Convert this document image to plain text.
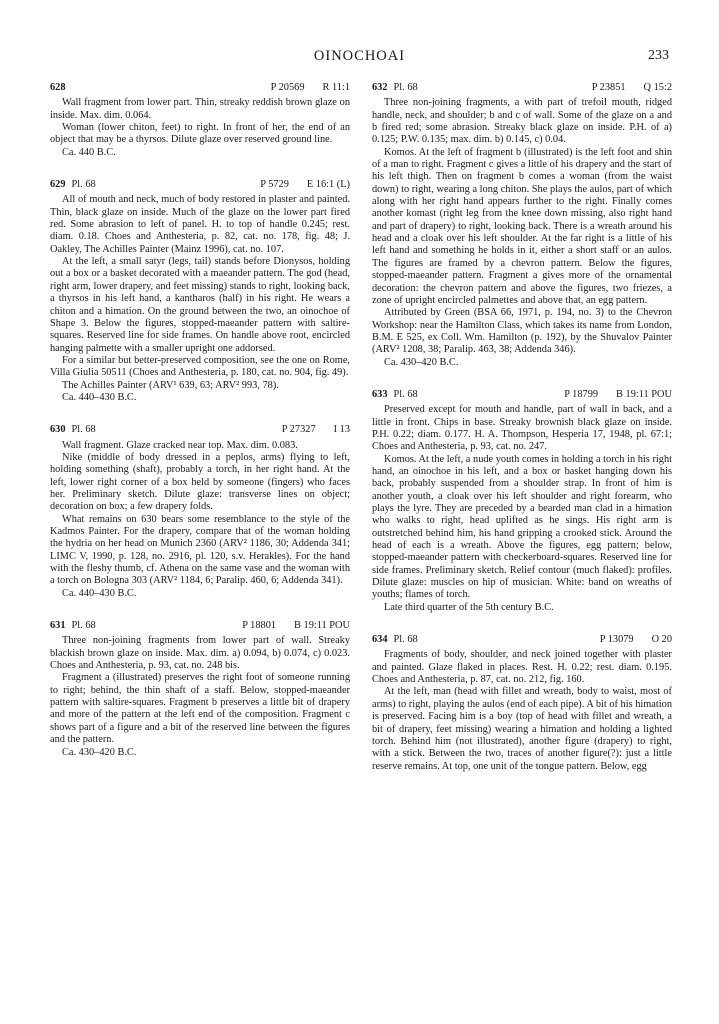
OINOCHOAI	233
628	P 20569 R 11:1

Wall fragment from lower part. Thin, streaky reddish brown glaze on inside. Max. dim. 0.064.

Woman (lower chiton, feet) to right. In front of her, the end of an object that may be a thyrsos. Dilute glaze over reserved ground line.

Ca. 440 B.C.

629 Pl. 68	P 5729 E 16:1 (L)

All of mouth and neck, much of body restored in plaster and painted. Thin, black glaze on inside. Much of the glaze on the lower part fired red. Some abrasion to left of panel. H. to top of handle 0.245; rest. diam. 0.18. Choes and Anthesteria, p. 82, cat. no. 178, fig. 48; J. Oakley, The Achilles Painter (Mainz 1996), cat. no. 107.

At the left, a small satyr (legs, tail) stands before Dionysos, holding out a box or a basket decorated with a maeander pattern. The god (head, right arm, lower drapery, and feet missing) stands to right, looking back, a thyrsos in his left hand, a kantharos (half) in his right. He wears a chiton and a himation. On the ground between the two, an oinochoe of Shape 3. Below the figures, stopped-maeander pattern with saltire-squares. Reserved line for side frames. On handle above root, encircled hanging palmette with a smaller upright one addorsed.

For a similar but better-preserved composition, see the one on Rome, Villa Giulia 50511 (Choes and Anthesteria, p. 180, cat. no. 904, fig. 49).

The Achilles Painter (ARV¹ 639, 63; ARV² 993, 78).

Ca. 440–430 B.C.

630 Pl. 68	P 27327 I 13

Wall fragment. Glaze cracked near top. Max. dim. 0.083.

Nike (middle of body dressed in a peplos, arms) flying to left, holding something (shaft), probably a torch, in her right hand. At the left, lower right corner of a box held by someone (fingers) who faces her. Preliminary sketch. Dilute glaze: transverse lines on object; decoration on box; a few drapery folds.

What remains on 630 bears some resemblance to the style of the Kadmos Painter. For the drapery, compare that of the woman holding the hydria on her head on Munich 2360 (ARV² 1186, 30; Addenda 341; LIMC V, 1990, p. 128, no. 2916, pl. 120, s.v. Herakles). For the hand with the fleshy thumb, cf. Athena on the same vase and the woman with a torch on Bologna 303 (ARV² 1184, 6; Paralip. 460, 6; Addenda 341).

Ca. 440–430 B.C.

631 Pl. 68	P 18801 B 19:11 POU

Three non-joining fragments from lower part of wall. Streaky blackish brown glaze on inside. Max. dim. a) 0.094, b) 0.074, c) 0.023. Choes and Anthesteria, p. 93, cat. no. 248 bis.

Fragment a (illustrated) preserves the right foot of someone running to right; behind, the thin shaft of a staff. Below, stopped-maeander pattern with saltire-squares. Fragment b preserves a little bit of drapery and more of the pattern at the left end of the composition. Fragment c shows part of a figure and a bit of the reserved line between the figures and the pattern.

Ca. 430–420 B.C.

632 Pl. 68	P 23851 Q 15:2

Three non-joining fragments, a with part of trefoil mouth, ridged handle, neck, and shoulder; b and c of wall. Some of the glaze on a and b fired red; some abrasion. Streaky black glaze on inside. P.H. of a) 0.125; P.W. 0.135; max. dim. b) 0.145, c) 0.04.

Komos. At the left of fragment b (illustrated) is the left foot and shin of a man to right. Fragment c gives a little of his drapery and the start of his left thigh. Then on fragment b comes a woman (from the waist down) to right, wearing a long chiton. She plays the aulos, part of which along with her right hand appears further to the right. Finally comes another komast (right leg from the knee down missing, also right hand and part of drapery) to right, looking back. There is a wreath around his head and a cloak over his left shoulder. At the far right is a little of his left hand and something he holds in it, either a short staff or an aulos. The figures are framed by a chevron pattern. Below the figures, stopped-maeander pattern. Fragment a gives more of the ornamental decoration: the chevron pattern and above the figures, two friezes, a zone of upright encircled palmettes and above that, an egg pattern.

Attributed by Green (BSA 66, 1971, p. 194, no. 3) to the Chevron Workshop: near the Hamilton Class, which takes its name from London, B.M. E 525, ex Coll. Wm. Hamilton (p. 192), by the Shuvalov Painter (ARV² 1208, 38; Paralip. 463, 38; Addenda 346).

Ca. 430–420 B.C.

633 Pl. 68	P 18799 B 19:11 POU

Preserved except for mouth and handle, part of wall in back, and a little in front. Chips in base. Streaky brownish black glaze on inside. P.H. 0.22; diam. 0.177. H. A. Thompson, Hesperia 17, 1948, pl. 67:1; Choes and Anthesteria, p. 93, cat. no. 247.

Komos. At the left, a nude youth comes in holding a torch in his right hand, an oinochoe in his left, and a box or basket hanging down his back, probably suspended from a shoulder strap. In front of him is another youth, a cloak over his left shoulder and right forearm, who plays the lyre. They are preceded by a bearded man clad in a himation who walks to right, head uplifted as he sings. His right arm is outstretched behind him, his hand gripping a crooked stick. Around the head of each is a wreath. Above the figures, egg pattern; below, stopped-maeander pattern with checkerboard-squares. Reserved line for side frames. Preliminary sketch. Relief contour (much flaked): profiles. Dilute glaze: muscles on hip of musician. White: band on wreaths of youths; flames of torch.

Late third quarter of the 5th century B.C.

634 Pl. 68	P 13079 O 20

Fragments of body, shoulder, and neck joined together with plaster and painted. Glaze flaked in places. Rest. H. 0.22; rest. diam. 0.195. Choes and Anthesteria, p. 87, cat. no. 212, fig. 160.

At the left, man (head with fillet and wreath, body to waist, most of arms) to right, playing the aulos (end of each pipe). A bit of his himation is preserved. Facing him is a boy (top of head with fillet and wreath, a bit of drapery, feet missing) wearing a himation and holding a lighted torch. Behind him (not illustrated), another figure (drapery) to right, with a stick. Between the two, traces of another figure(?): just a little reserve remains. At top, one unit of the tongue pattern. Below, egg
